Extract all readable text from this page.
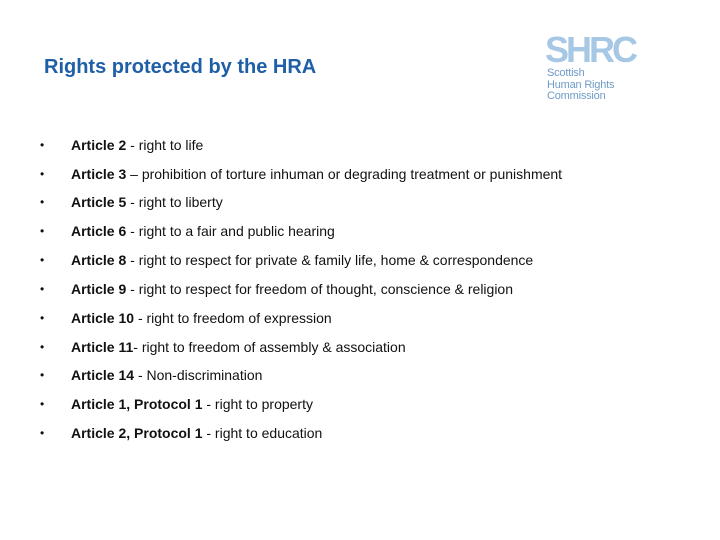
Rights protected by the HRA	SHRC
Scottish
Human Rights
Commission
• Article 2 - right to life
• Article 3 – prohibition of torture inhuman or degrading treatment or punishment
• Article 5 - right to liberty
• Article 6 - right to a fair and public hearing
• Article 8 - right to respect for private & family life, home & correspondence
• Article 9 - right to respect for freedom of thought, conscience & religion
• Article 10 - right to freedom of expression
• Article 11- right to freedom of assembly & association
• Article 14 - Non-discrimination
• Article 1, Protocol 1 - right to property
• Article 2, Protocol 1 - right to education
